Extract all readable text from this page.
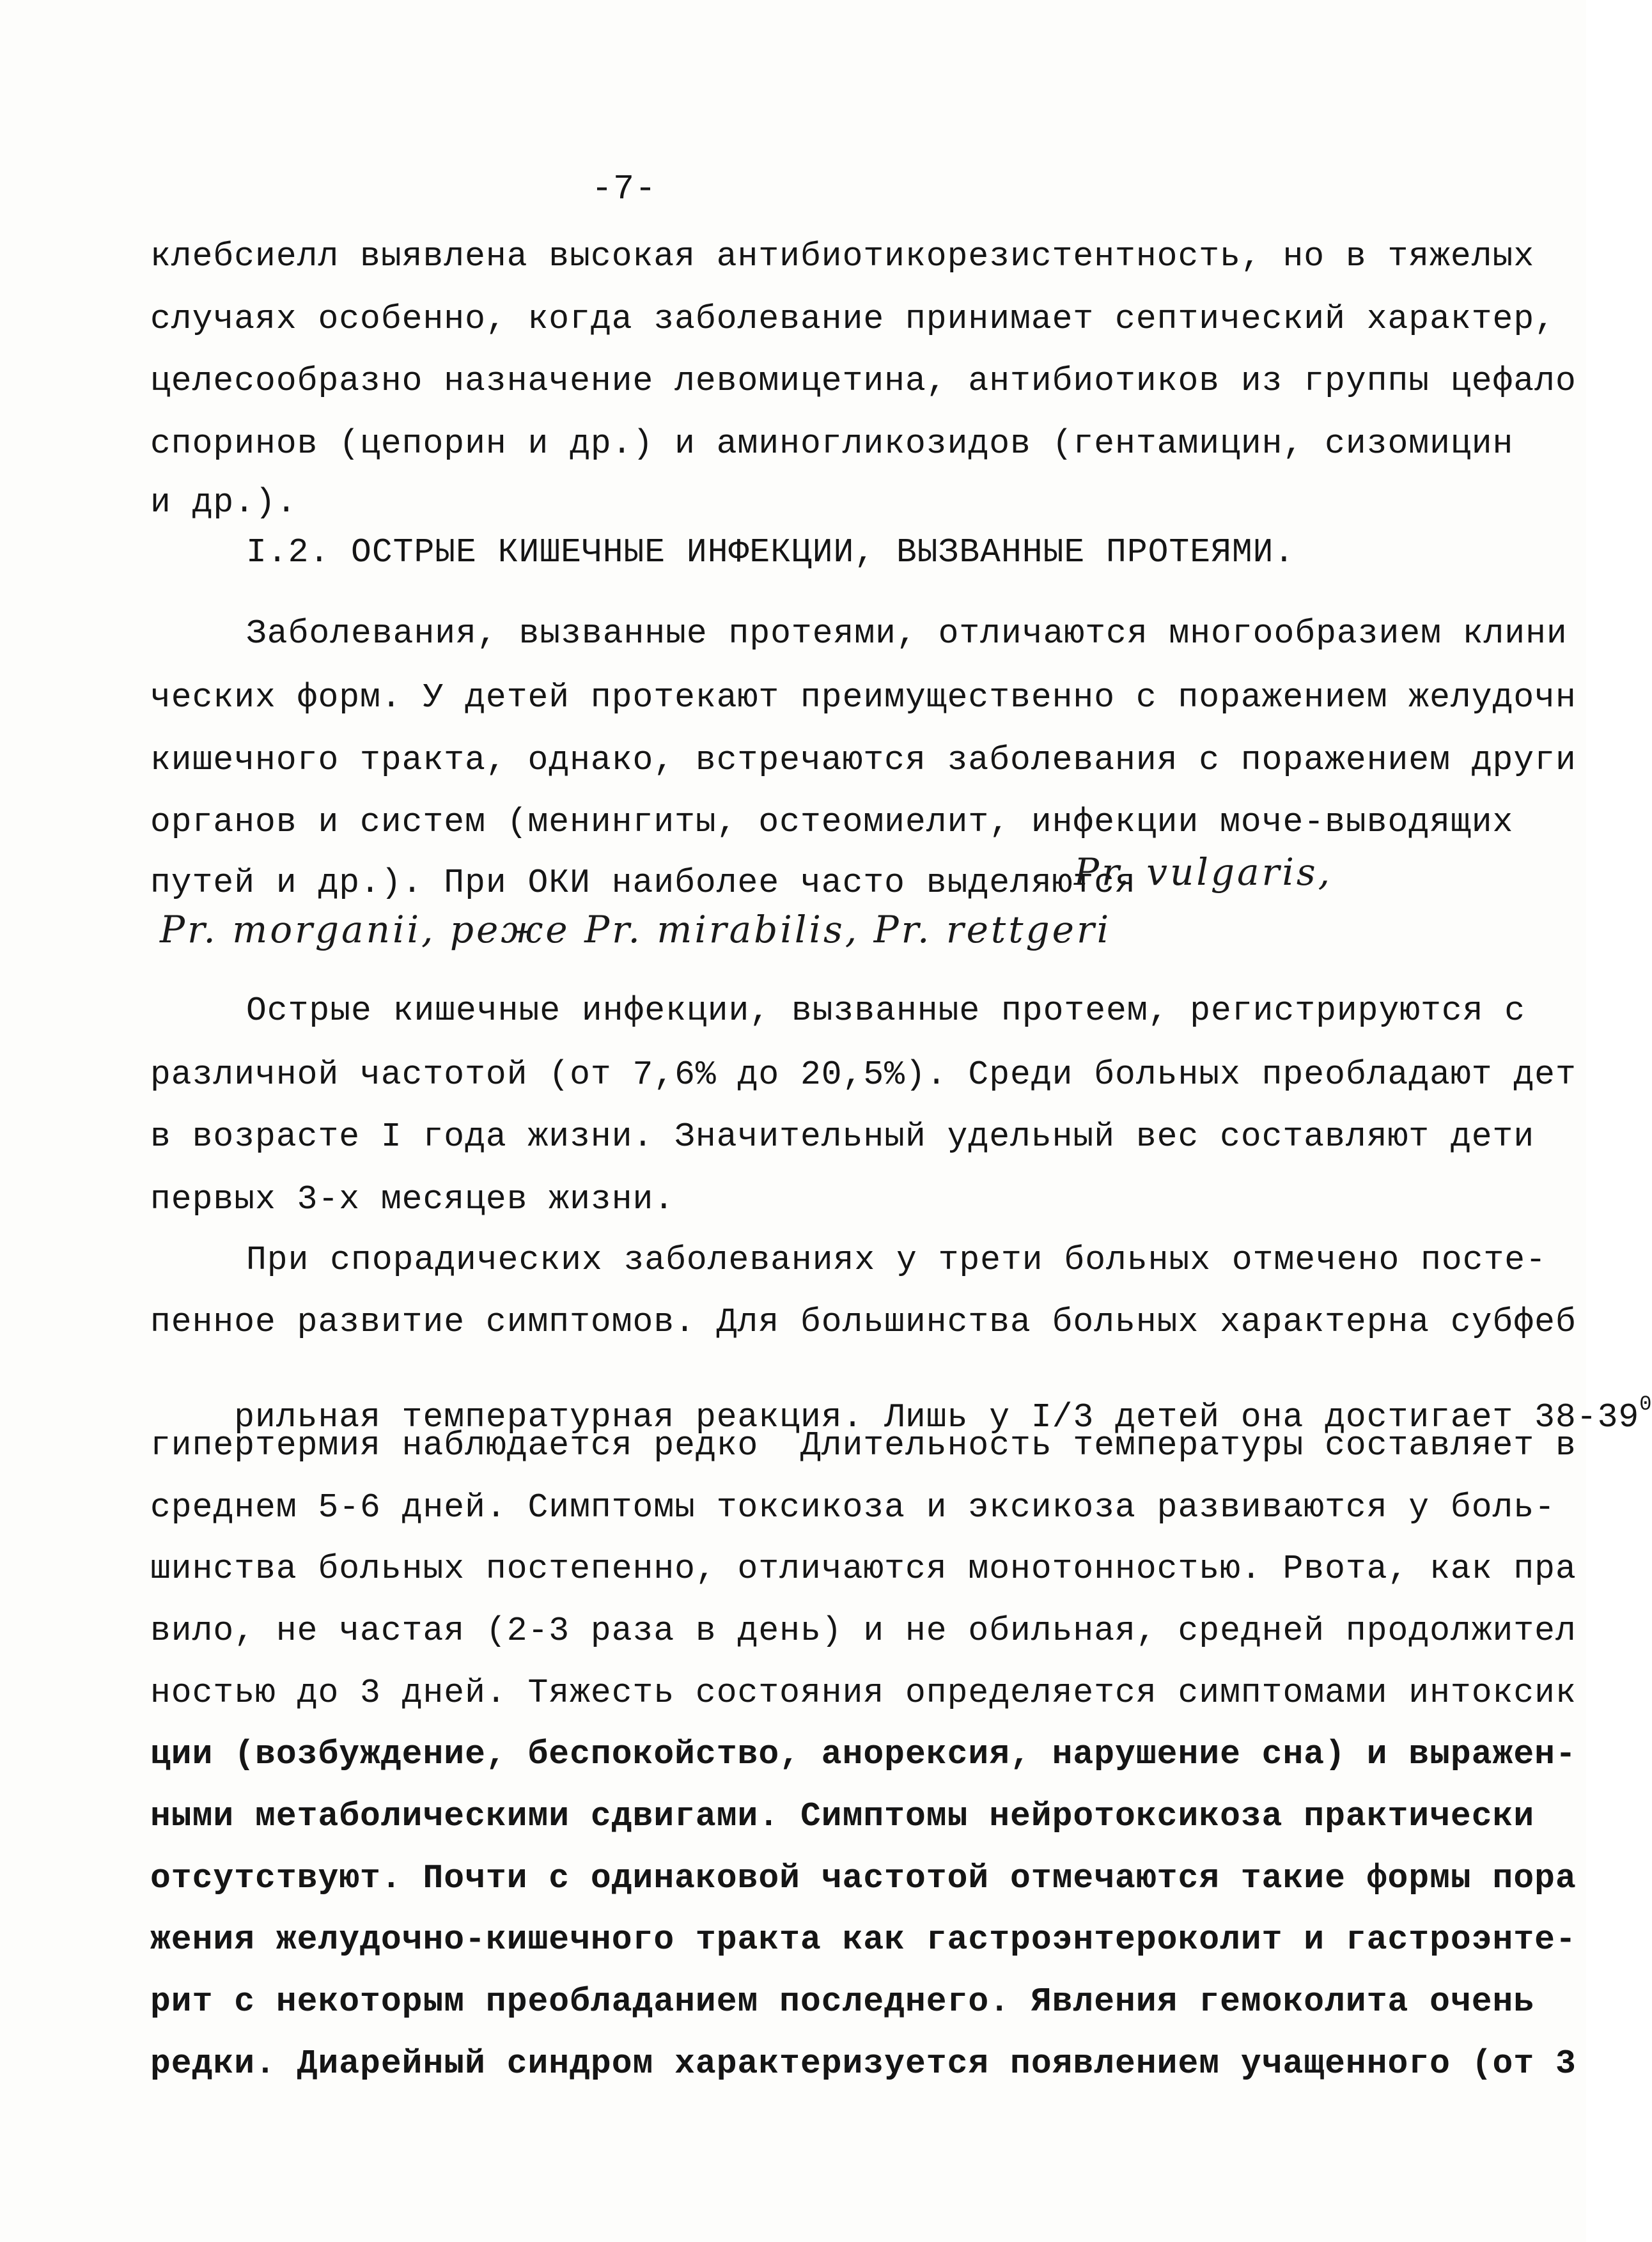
-7-
клебсиелл выявлена высокая антибиотикорезистентность, но в тяжелых
случаях особенно, когда заболевание принимает септический характер,
целесообразно назначение левомицетина, антибиотиков из группы цефало
споринов (цепорин и др.) и аминогликозидов (гентамицин, сизомицин
и др.).
I.2. ОСТРЫЕ КИШЕЧНЫЕ ИНФЕКЦИИ, ВЫЗВАННЫЕ ПРОТЕЯМИ.
Заболевания, вызванные протеями, отличаются многообразием клини
ческих форм. У детей протекают преимущественно с поражением желудочн
кишечного тракта, однако, встречаются заболевания с поражением други
органов и систем (менингиты, остеомиелит, инфекции моче-выводящих
путей и др.). При ОКИ наиболее часто выделяются
Pr. vulgaris,
Pr. morganii, реже Pr. mirabilis, Pr. rettgeri
Острые кишечные инфекции, вызванные протеем, регистрируются с
различной частотой (от 7,6% до 20,5%). Среди больных преобладают дет
в возрасте I года жизни. Значительный удельный вес составляют дети
первых 3-х месяцев жизни.
При спорадических заболеваниях у трети больных отмечено посте-
пенное развитие симптомов. Для большинства больных характерна субфеб

рильная температурная реакция. Лишь у I/3 детей она достигает $38-39^0$

гипертермия наблюдается редко  Длительность температуры составляет в
среднем 5-6 дней. Симптомы токсикоза и эксикоза развиваются у боль-
шинства больных постепенно, отличаются монотонностью. Рвота, как пра
вило, не частая (2-3 раза в день) и не обильная, средней продолжител
ностью до 3 дней. Тяжесть состояния определяется симптомами интоксик
ции (возбуждение, беспокойство, анорексия, нарушение сна) и выражен-
ными метаболическими сдвигами. Симптомы нейротоксикоза практически
отсутствуют. Почти с одинаковой частотой отмечаются такие формы пора
жения желудочно-кишечного тракта как гастроэнтероколит и гастроэнте-
рит с некоторым преобладанием последнего. Явления гемоколита очень
редки. Диарейный синдром характеризуется появлением учащенного (от 3
